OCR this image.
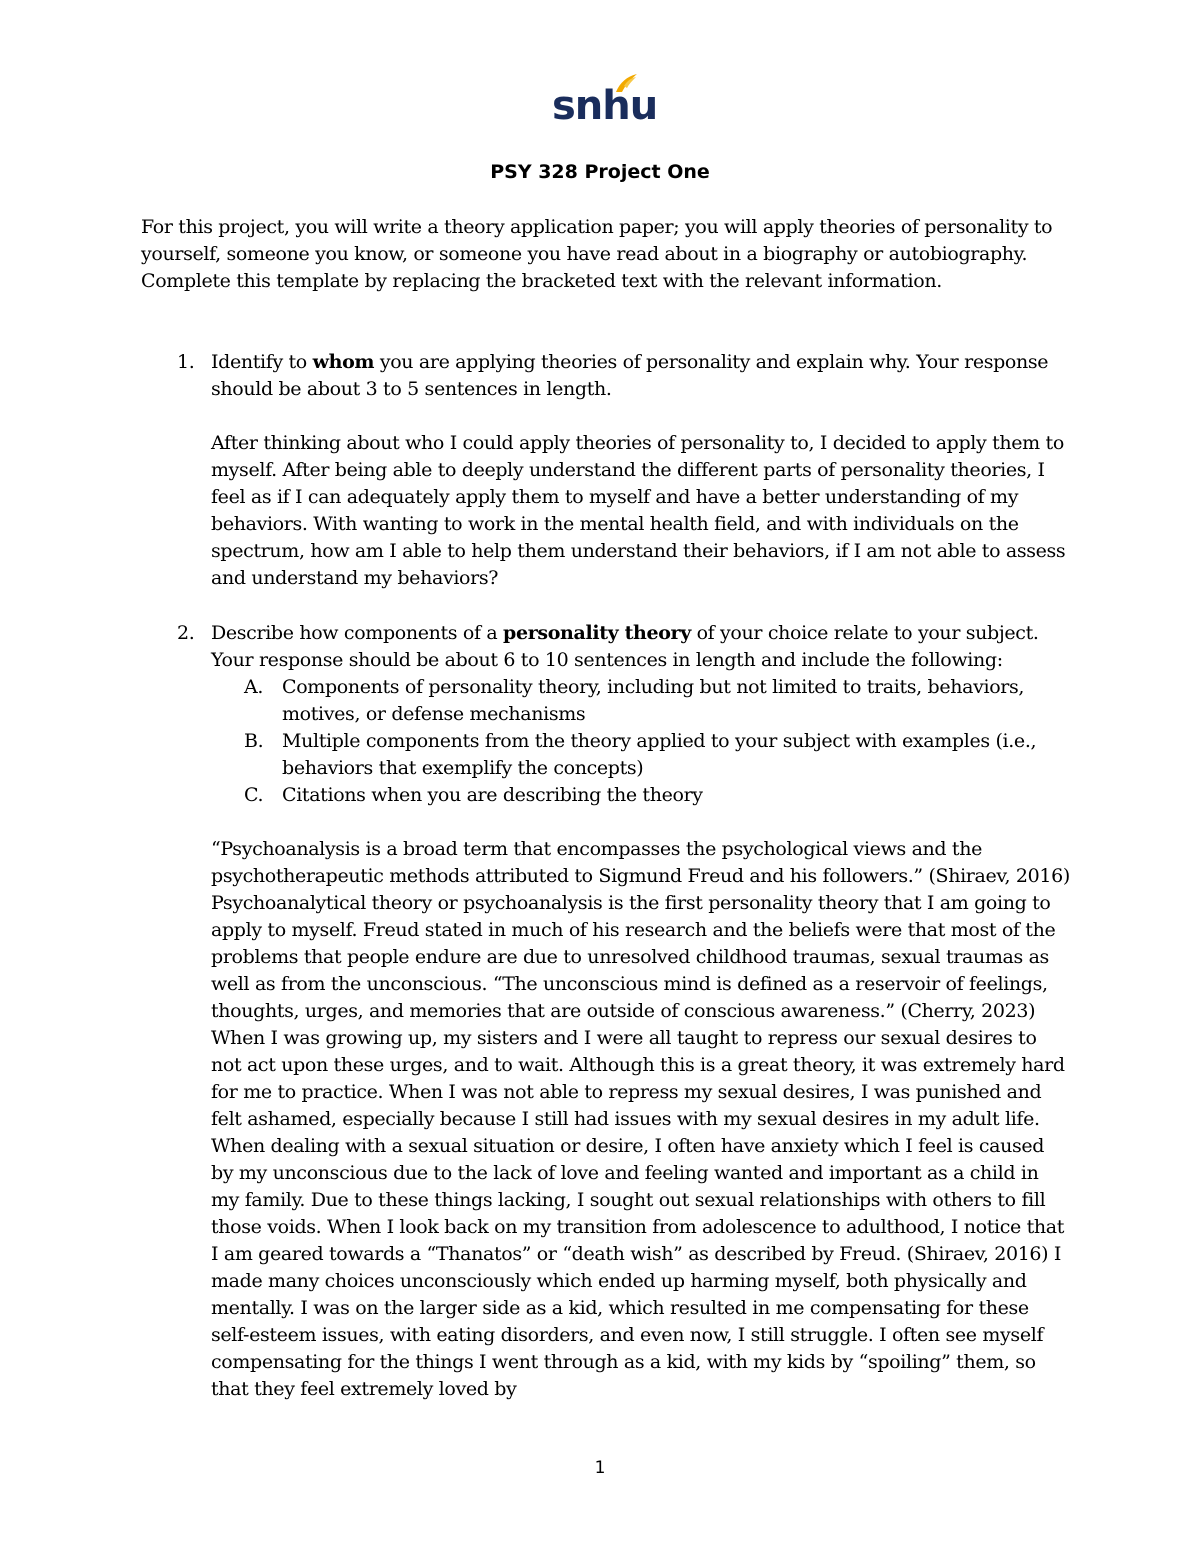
snhu
PSY 328 Project One

For this project, you will write a theory application paper; you will apply theories of personality to yourself, someone you know, or someone you have read about in a biography or autobiography. Complete this template by replacing the bracketed text with the relevant information.

1. Identify to whom you are applying theories of personality and explain why. Your response should be about 3 to 5 sentences in length.

After thinking about who I could apply theories of personality to, I decided to apply them to myself. After being able to deeply understand the different parts of personality theories, I feel as if I can adequately apply them to myself and have a better understanding of my behaviors. With wanting to work in the mental health field, and with individuals on the spectrum, how am I able to help them understand their behaviors, if I am not able to assess and understand my behaviors?

2. Describe how components of a personality theory of your choice relate to your subject. Your response should be about 6 to 10 sentences in length and include the following:
A. Components of personality theory, including but not limited to traits, behaviors, motives, or defense mechanisms
B. Multiple components from the theory applied to your subject with examples (i.e., behaviors that exemplify the concepts)
C. Citations when you are describing the theory

“Psychoanalysis is a broad term that encompasses the psychological views and the psychotherapeutic methods attributed to Sigmund Freud and his followers.” (Shiraev, 2016) Psychoanalytical theory or psychoanalysis is the first personality theory that I am going to apply to myself. Freud stated in much of his research and the beliefs were that most of the problems that people endure are due to unresolved childhood traumas, sexual traumas as well as from the unconscious. “The unconscious mind is defined as a reservoir of feelings, thoughts, urges, and memories that are outside of conscious awareness.” (Cherry, 2023) When I was growing up, my sisters and I were all taught to repress our sexual desires to not act upon these urges, and to wait. Although this is a great theory, it was extremely hard for me to practice. When I was not able to repress my sexual desires, I was punished and felt ashamed, especially because I still had issues with my sexual desires in my adult life. When dealing with a sexual situation or desire, I often have anxiety which I feel is caused by my unconscious due to the lack of love and feeling wanted and important as a child in my family. Due to these things lacking, I sought out sexual relationships with others to fill those voids. When I look back on my transition from adolescence to adulthood, I notice that I am geared towards a “Thanatos” or “death wish” as described by Freud. (Shiraev, 2016) I made many choices unconsciously which ended up harming myself, both physically and mentally. I was on the larger side as a kid, which resulted in me compensating for these self-esteem issues, with eating disorders, and even now, I still struggle. I often see myself compensating for the things I went through as a kid, with my kids by “spoiling” them, so that they feel extremely loved by

1
